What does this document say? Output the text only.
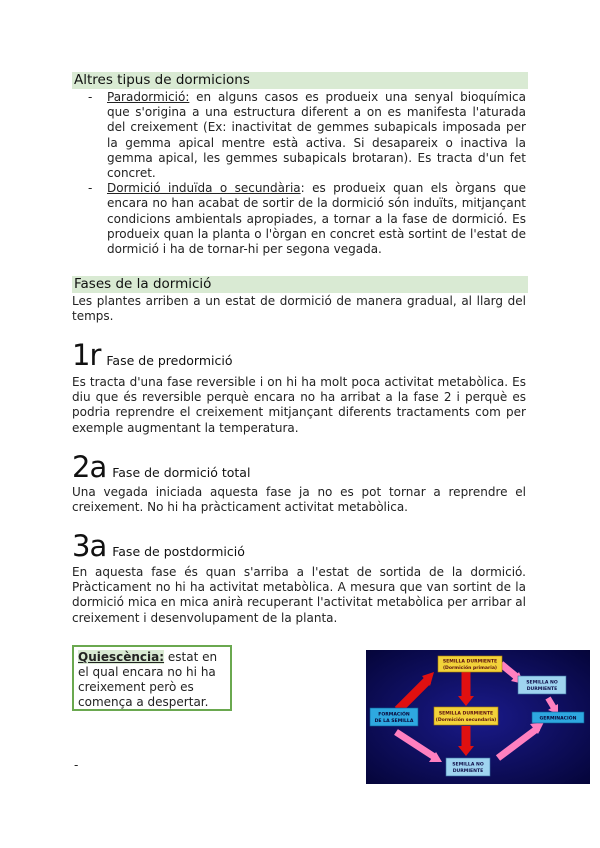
Altres tipus de dormicions
- Paradormició: en alguns casos es produeix una senyal bioquímica que s'origina a una estructura diferent a on es manifesta l'aturada del creixement (Ex: inactivitat de gemmes subapicals imposada per la gemma apical mentre està activa. Si desapareix o inactiva la gemma apical, les gemmes subapicals brotaran). Es tracta d'un fet concret.
- Dormició induïda o secundària: es produeix quan els òrgans que encara no han acabat de sortir de la dormició són induïts, mitjançant condicions ambientals apropiades, a tornar a la fase de dormició. Es produeix quan la planta o l'òrgan en concret està sortint de l'estat de dormició i ha de tornar-hi per segona vegada.
Fases de la dormició
Les plantes arriben a un estat de dormició de manera gradual, al llarg del temps.
1r Fase de predormició
Es tracta d'una fase reversible i on hi ha molt poca activitat metabòlica. Es diu que és reversible perquè encara no ha arribat a la fase 2 i perquè es podria reprendre el creixement mitjançant diferents tractaments com per exemple augmentant la temperatura.
2a Fase de dormició total
Una vegada iniciada aquesta fase ja no es pot tornar a reprendre el creixement. No hi ha pràcticament activitat metabòlica.
3a Fase de postdormició
En aquesta fase és quan s'arriba a l'estat de sortida de la dormició. Pràcticament no hi ha activitat metabòlica. A mesura que van sortint de la dormició mica en mica anirà recuperant l'activitat metabòlica per arribar al creixement i desenvolupament de la planta.
Quiescència: estat en el qual encara no hi ha creixement però es comença a despertar.
-
SEMILLA DURMIENTE
(Dormición primaria)
SEMILLA NO
DURMIENTE
FORMACIÓN
DE LA SEMILLA
SEMILLA DURMIENTE
(Dormición secundaria)	GERMINACIÓN
SEMILLA NO
DURMIENTE
